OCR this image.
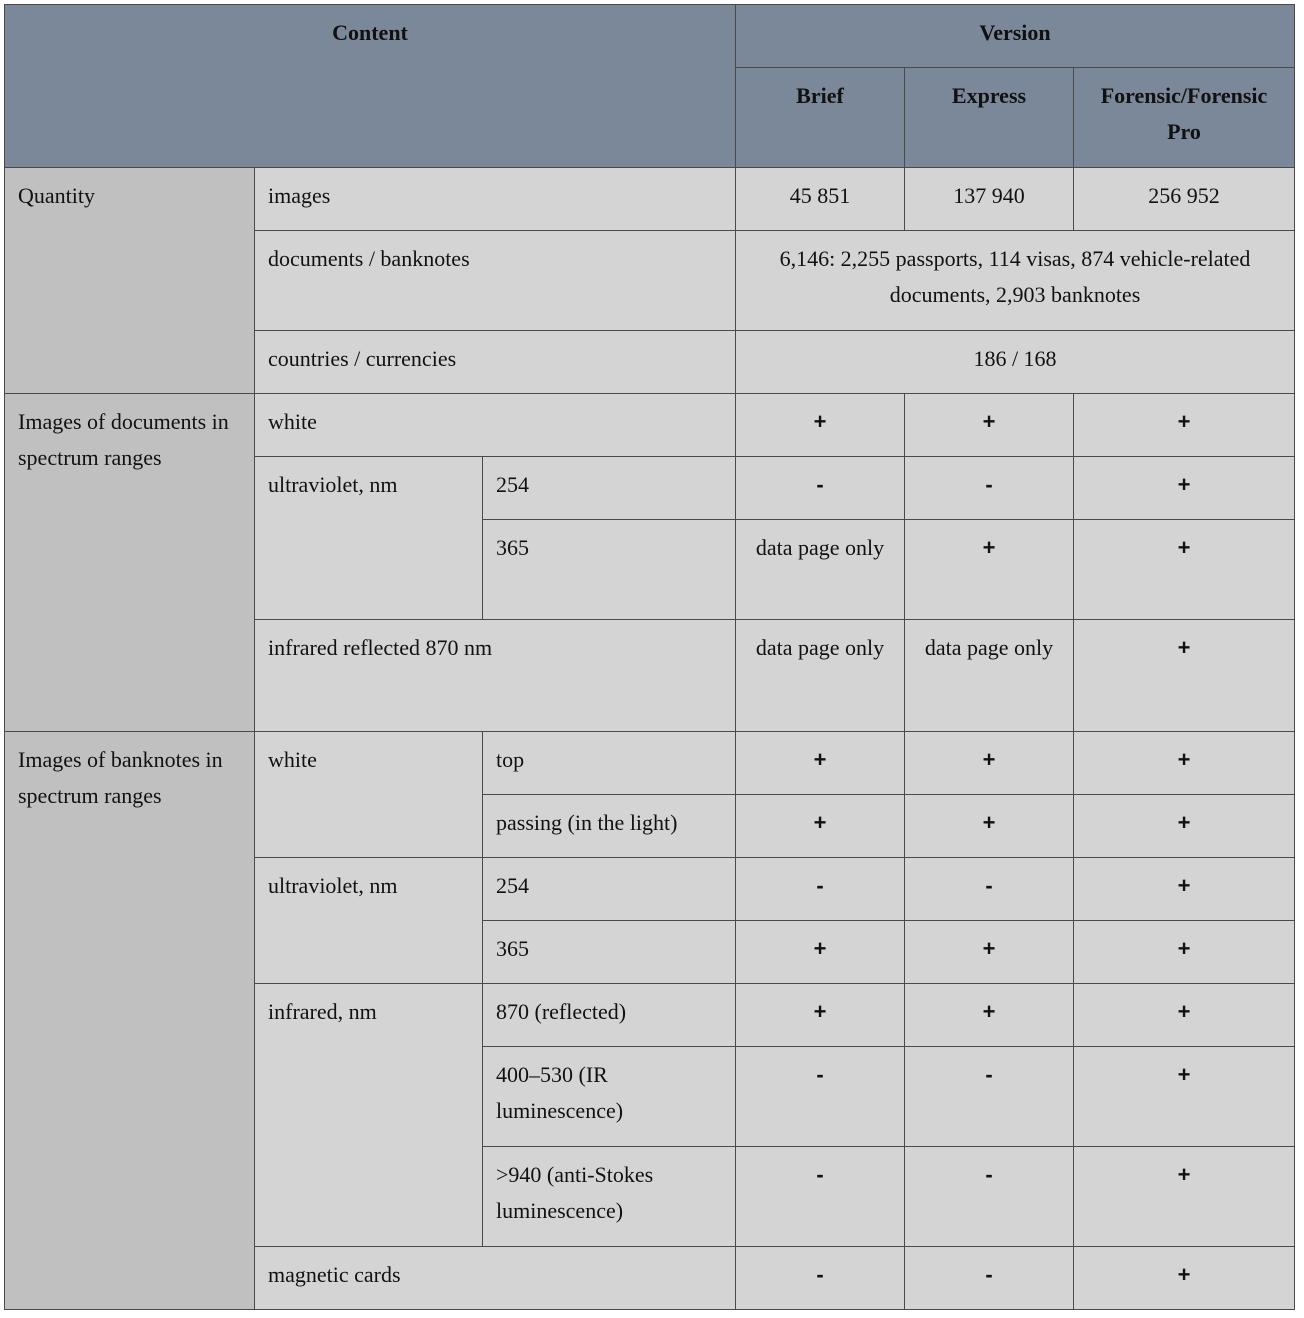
Content			Version		
			Brief	Express	Forensic/Forensic Pro
Quantity	images		45 851	137 940	256 952
	documents / banknotes		6,146: 2,255 passports, 114 visas, 874 vehicle-related documents, 2,903 banknotes		
	countries / currencies		186 / 168		
Images of documents in spectrum ranges	white		+	+	+
	ultraviolet, nm	254	-	-	+
		365	data page only	+	+
	infrared reflected 870 nm		data page only	data page only	+
Images of banknotes in spectrum ranges	white	top	+	+	+
		passing (in the light)	+	+	+
	ultraviolet, nm	254	-	-	+
		365	+	+	+
	infrared, nm	870 (reflected)	+	+	+
		400–530 (IR luminescence)	-	-	+
		>940 (anti-Stokes luminescence)	-	-	+
	magnetic cards		-	-	+
